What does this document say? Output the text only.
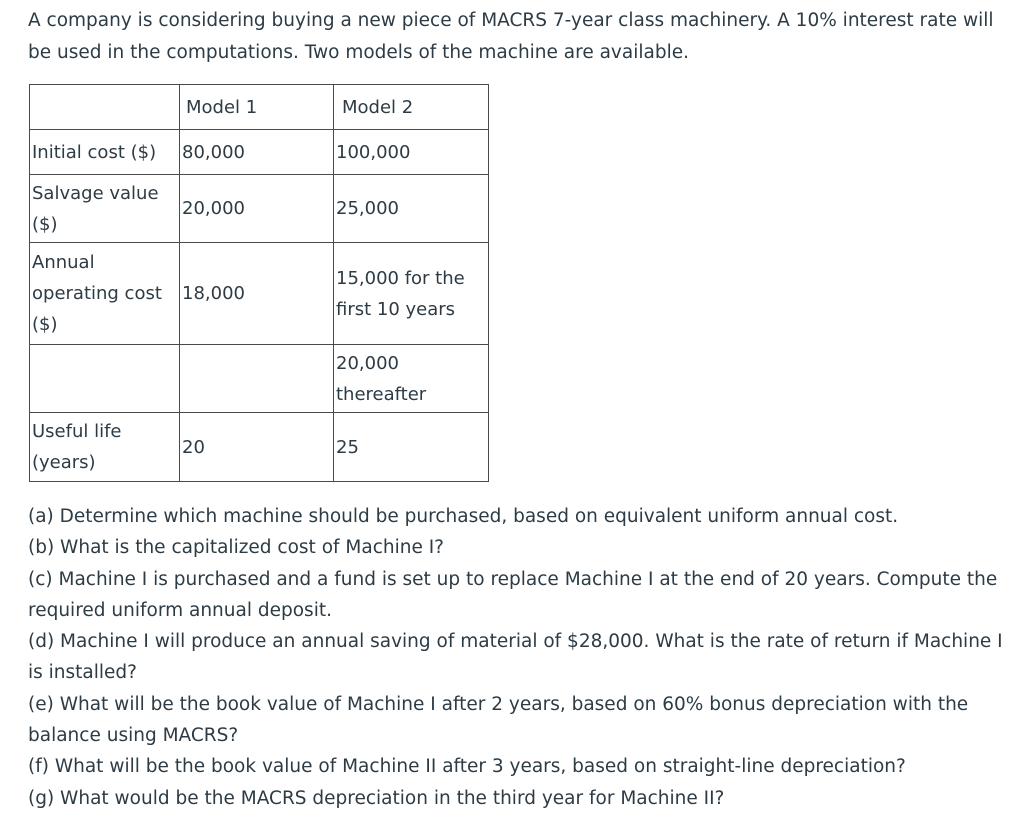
A company is considering buying a new piece of MACRS 7-year class machinery. A 10% interest rate will be used in the computations. Two models of the machine are available.

	Model 1	Model 2
Initial cost ($)	80,000	100,000
Salvage value ($)	20,000	25,000
Annual operating cost ($)	18,000	15,000 for the first 10 years
		20,000 thereafter
Useful life (years)	20	25
(a) Determine which machine should be purchased, based on equivalent uniform annual cost.
(b) What is the capitalized cost of Machine I?
(c) Machine I is purchased and a fund is set up to replace Machine I at the end of 20 years. Compute the required uniform annual deposit.
(d) Machine I will produce an annual saving of material of $28,000. What is the rate of return if Machine I is installed?
(e) What will be the book value of Machine I after 2 years, based on 60% bonus depreciation with the balance using MACRS?
(f) What will be the book value of Machine II after 3 years, based on straight-line depreciation?
(g) What would be the MACRS depreciation in the third year for Machine II?
